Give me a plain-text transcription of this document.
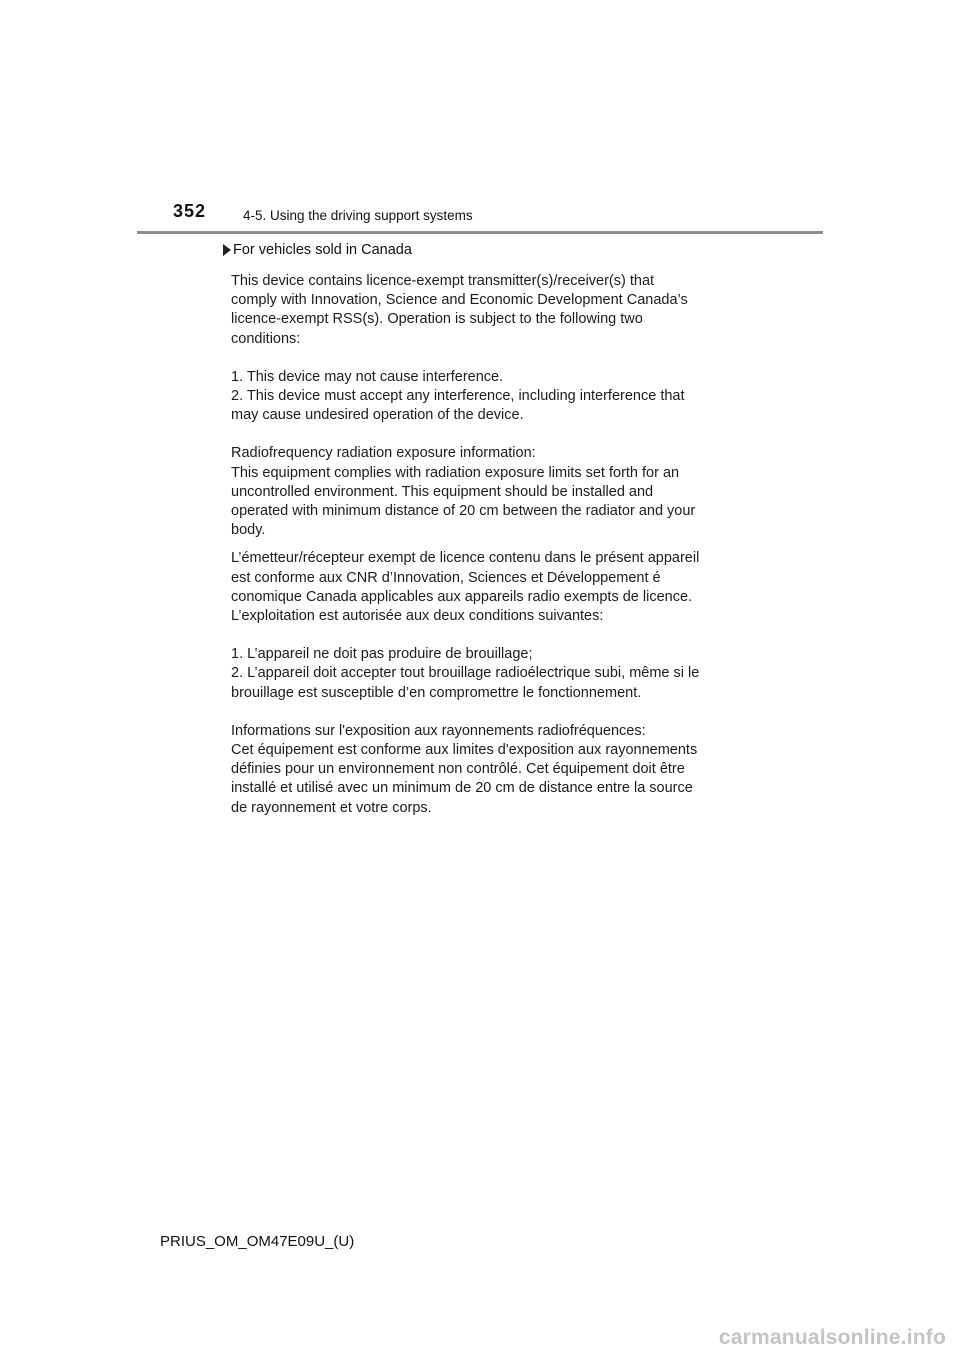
352	4-5. Using the driving support systems
For vehicles sold in Canada
This device contains licence-exempt transmitter(s)/receiver(s) that
comply with Innovation, Science and Economic Development Canada’s
licence-exempt RSS(s). Operation is subject to the following two
conditions:
1. This device may not cause interference.
2. This device must accept any interference, including interference that
may cause undesired operation of the device.
Radiofrequency radiation exposure information:
This equipment complies with radiation exposure limits set forth for an
uncontrolled environment. This equipment should be installed and
operated with minimum distance of 20 cm between the radiator and your
body.
L’émetteur/récepteur exempt de licence contenu dans le présent appareil
est conforme aux CNR d’Innovation, Sciences et Développement é
conomique Canada applicables aux appareils radio exempts de licence.
L’exploitation est autorisée aux deux conditions suivantes:
1. L’appareil ne doit pas produire de brouillage;
2. L’appareil doit accepter tout brouillage radioélectrique subi, même si le
brouillage est susceptible d’en compromettre le fonctionnement.
Informations sur l'exposition aux rayonnements radiofréquences:
Cet équipement est conforme aux limites d'exposition aux rayonnements
définies pour un environnement non contrôlé. Cet équipement doit être
installé et utilisé avec un minimum de 20 cm de distance entre la source
de rayonnement et votre corps.
PRIUS_OM_OM47E09U_(U)
carmanualsonline.info
